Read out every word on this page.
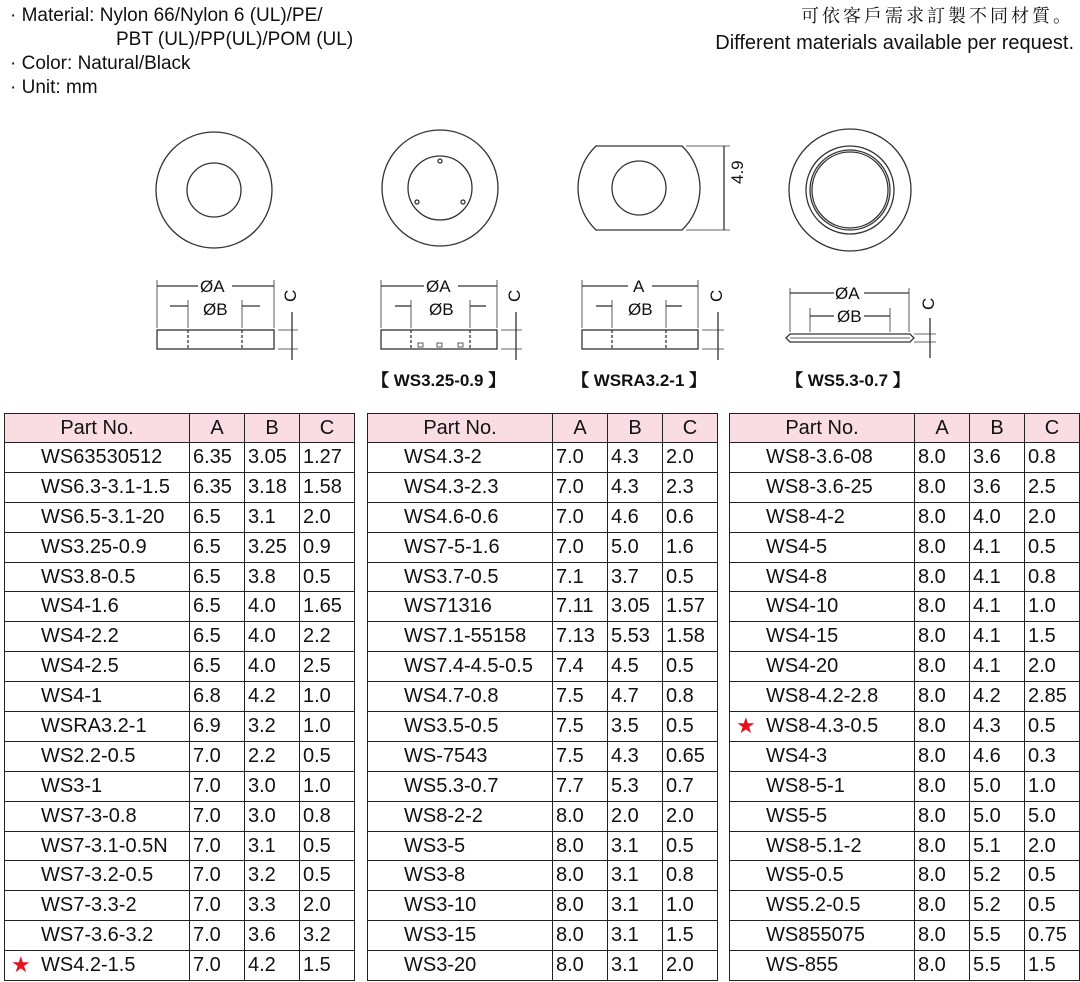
· Material: Nylon 66/Nylon 6 (UL)/PE/
PBT (UL)/PP(UL)/POM (UL)
· Color: Natural/Black
· Unit: mm
可依客戶需求訂製不同材質。
Different materials available per request.
ØA
ØB
C	ØA
ØB
C
4.9
A
ØB
C	ØA
ØB
C
【 WS3.25-0.9 】	【 WSRA3.2-1 】	【 WS5.3-0.7 】
Part No.	A	B	C
WS63530512	6.35	3.05	1.27
WS6.3-3.1-1.5	6.35	3.18	1.58
WS6.5-3.1-20	6.5	3.1	2.0
WS3.25-0.9	6.5	3.25	0.9
WS3.8-0.5	6.5	3.8	0.5
WS4-1.6	6.5	4.0	1.65
WS4-2.2	6.5	4.0	2.2
WS4-2.5	6.5	4.0	2.5
WS4-1	6.8	4.2	1.0
WSRA3.2-1	6.9	3.2	1.0
WS2.2-0.5	7.0	2.2	0.5
WS3-1	7.0	3.0	1.0
WS7-3-0.8	7.0	3.0	0.8
WS7-3.1-0.5N	7.0	3.1	0.5
WS7-3.2-0.5	7.0	3.2	0.5
WS7-3.3-2	7.0	3.3	2.0
WS7-3.6-3.2	7.0	3.6	3.2

★ WS4.2-1.5	7.0	4.2	1.5
Part No.	A	B	C
WS4.3-2	7.0	4.3	2.0
WS4.3-2.3	7.0	4.3	2.3
WS4.6-0.6	7.0	4.6	0.6
WS7-5-1.6	7.0	5.0	1.6
WS3.7-0.5	7.1	3.7	0.5
WS71316	7.11	3.05	1.57
WS7.1-55158	7.13	5.53	1.58
WS7.4-4.5-0.5	7.4	4.5	0.5
WS4.7-0.8	7.5	4.7	0.8
WS3.5-0.5	7.5	3.5	0.5
WS-7543	7.5	4.3	0.65
WS5.3-0.7	7.7	5.3	0.7
WS8-2-2	8.0	2.0	2.0
WS3-5	8.0	3.1	0.5
WS3-8	8.0	3.1	0.8
WS3-10	8.0	3.1	1.0
WS3-15	8.0	3.1	1.5
WS3-20	8.0	3.1	2.0
Part No.	A	B	C
WS8-3.6-08	8.0	3.6	0.8
WS8-3.6-25	8.0	3.6	2.5
WS8-4-2	8.0	4.0	2.0
WS4-5	8.0	4.1	0.5
WS4-8	8.0	4.1	0.8
WS4-10	8.0	4.1	1.0
WS4-15	8.0	4.1	1.5
WS4-20	8.0	4.1	2.0
WS8-4.2-2.8	8.0	4.2	2.85

★ WS8-4.3-0.5	8.0	4.3	0.5
WS4-3	8.0	4.6	0.3
WS8-5-1	8.0	5.0	1.0
WS5-5	8.0	5.0	5.0
WS8-5.1-2	8.0	5.1	2.0
WS5-0.5	8.0	5.2	0.5
WS5.2-0.5	8.0	5.2	0.5
WS855075	8.0	5.5	0.75
WS-855	8.0	5.5	1.5
